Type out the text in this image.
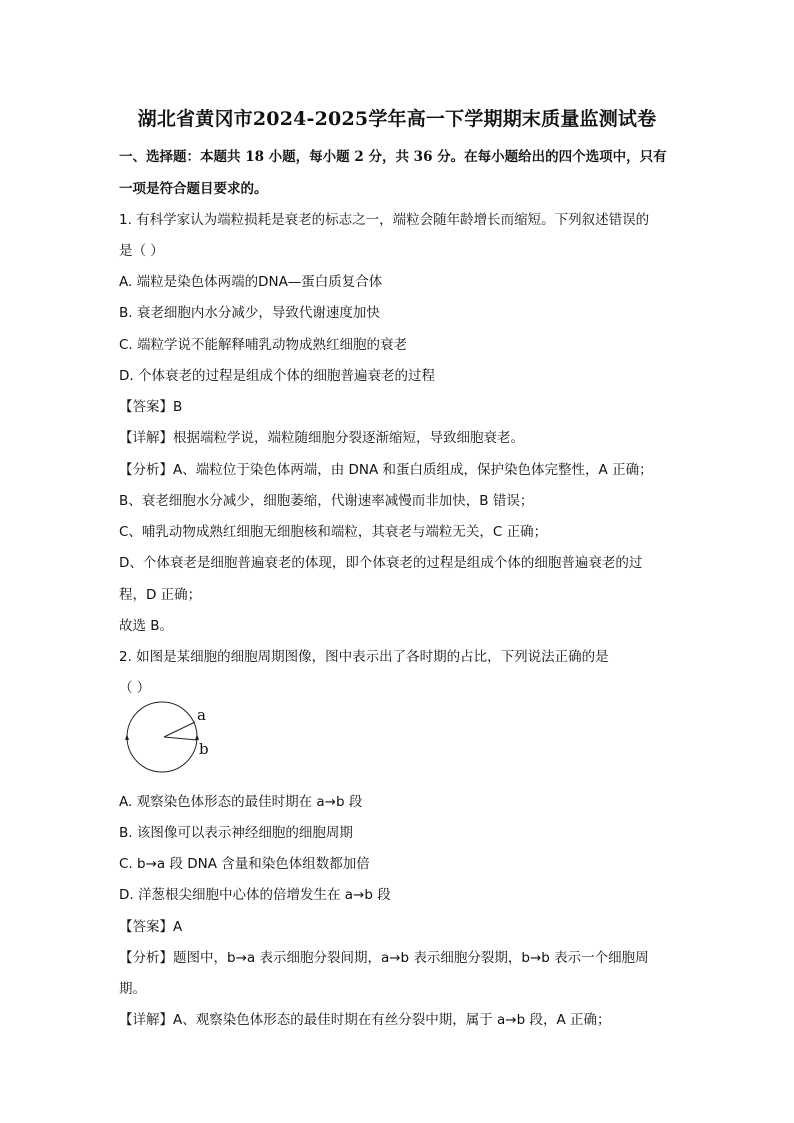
湖北省黄冈市2024-2025学年高一下学期期末质量监测试卷
一、选择题：本题共 18 小题，每小题 2 分，共 36 分。在每小题给出的四个选项中，只有
一项是符合题目要求的。
1. 有科学家认为端粒损耗是衰老的标志之一，端粒会随年龄增长而缩短。下列叙述错误的
是（ ）
A. 端粒是染色体两端的DNA—蛋白质复合体
B. 衰老细胞内水分减少，导致代谢速度加快
C. 端粒学说不能解释哺乳动物成熟红细胞的衰老
D. 个体衰老的过程是组成个体的细胞普遍衰老的过程
【答案】B
【详解】根据端粒学说，端粒随细胞分裂逐渐缩短，导致细胞衰老。
【分析】A、端粒位于染色体两端，由 DNA 和蛋白质组成，保护染色体完整性，A 正确；
B、衰老细胞水分减少，细胞萎缩，代谢速率减慢而非加快，B 错误；
C、哺乳动物成熟红细胞无细胞核和端粒，其衰老与端粒无关，C 正确；
D、个体衰老是细胞普遍衰老的体现，即个体衰老的过程是组成个体的细胞普遍衰老的过
程，D 正确；
故选 B。
2. 如图是某细胞的细胞周期图像，图中表示出了各时期的占比，下列说法正确的是
（ ）
a
b
A. 观察染色体形态的最佳时期在 a→b 段
B. 该图像可以表示神经细胞的细胞周期
C. b→a 段 DNA 含量和染色体组数都加倍
D. 洋葱根尖细胞中心体的倍增发生在 a→b 段
【答案】A
【分析】题图中，b→a 表示细胞分裂间期，a→b 表示细胞分裂期，b→b 表示一个细胞周
期。
【详解】A、观察染色体形态的最佳时期在有丝分裂中期，属于 a→b 段，A 正确；
